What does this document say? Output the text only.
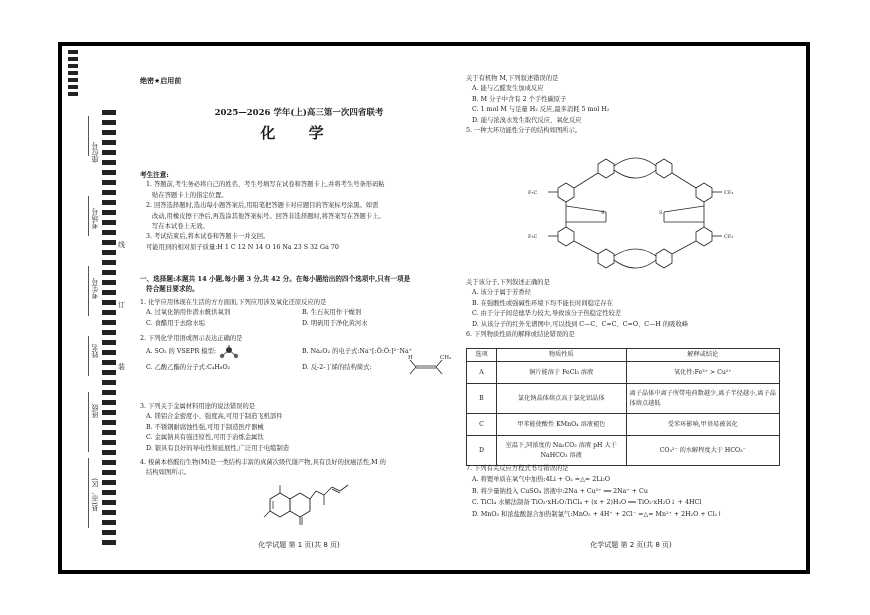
座位号
考场号
考生号
姓名
班级
县(市、区)
线
订
装
绝密★启用前
2025—2026 学年(上)高三第一次四省联考
化 学
考生注意:
1. 答题前,考生务必将自己的姓名、考生号填写在试卷和答题卡上,并将考生号条形码粘
贴在答题卡上的指定位置。
2. 回答选择题时,选出每小题答案后,用铅笔把答题卡对应题目的答案标号涂黑。如需
改动,用橡皮擦干净后,再选涂其他答案标号。回答非选择题时,将答案写在答题卡上。
写在本试卷上无效。
3. 考试结束后,将本试卷和答题卡一并交回。
可能用到的相对原子质量:H 1 C 12 N 14 O 16 Na 23 S 32 Ga 70
一、选择题:本题共 14 小题,每小题 3 分,共 42 分。在每小题给出的四个选项中,只有一项是
符合题目要求的。
1. 化学应用体现在生活的方方面面,下列应用涉及氧化还原反应的是
A. 过氧化钠用作潜水艇供氧剂	B. 生石灰用作干燥剂
C. 食醋用于去除水垢	D. 明矾用于净化黄河水
2. 下列化学用语或图示表达正确的是
A. SO₂ 的 VSEPR 模型:	B. Na₂O₂ 的电子式:Na⁺[:Ö:Ö:]²⁻Na⁺
C. 乙酸乙酯的分子式:C₄H₈O₂	D. 反-2-丁烯的结构简式:
CH₃
H
3. 下列关于金属材料用途的说法错误的是
A. 镁铝合金密度小、强度高,可用于制造飞机部件
B. 不锈钢耐腐蚀性强,可用于制造医疗器械
C. 金属钠具有强还原性,可用于冶炼金属钛
D. 银具有良好的导电性和延展性,广泛用于电缆制造
4. 梭菌本格醛衍生物(M)是一类结构丰富的真菌次级代谢产物,具有良好的抗癌活性,M 的
结构如图所示。
化学试题 第 1 页(共 8 页)
关于有机物 M,下列叙述错误的是
A. 能与乙醛发生加成反应
B. M 分子中含有 2 个手性碳原子
C. 1 mol M 与足量 H₂ 反应,最多消耗 5 mol H₂
D. 能与浓溴水发生取代反应、氧化反应
5. 一种大环功能性分子的结构如图所示。
F₃C
F₃C
CF₃
CF₃
S	S
关于该分子,下列叙述正确的是
A. 该分子属于芳香烃
B. 在强酸性或强碱性环境下均不能长时间稳定存在
C. 由于分子间范德华力较大,导致该分子热稳定性较差
D. 从该分子的红外光谱图中,可以找到 C—C、C=C、C=O、C—H 的吸收峰
6. 下列物质性质的解释或结论错误的是
选项	物质性质	解释或结论
A	铜片能溶于 FeCl₃ 溶液	氧化性:Fe³⁺ > Cu²⁺
B	氯化钠晶体熔点高于氯化铝晶体	离子晶体中离子所带电荷数越少,离子半径越小,离子晶体熔点越低
C	甲苯能使酸性 KMnO₄ 溶液褪色	受苯环影响,甲基易被氧化
D	室温下,同浓度的 Na₂CO₃ 溶液 pH 大于 NaHCO₃ 溶液	CO₃²⁻ 的水解程度大于 HCO₃⁻
7. 下列有关反应方程式书写错误的是
A. 将锂单质在氧气中加热:4Li + O₂ =△= 2Li₂O
B. 将少量钠投入 CuSO₄ 溶液中:2Na + Cu²⁺ ══ 2Na⁺ + Cu
C. TiCl₄ 水解法制备 TiO₂·xH₂O:TiCl₄ + (x + 2)H₂O ══ TiO₂·xH₂O↓ + 4HCl
D. MnO₂ 和浓盐酸混合加热制氯气:MnO₂ + 4H⁺ + 2Cl⁻ =△= Mn²⁺ + 2H₂O + Cl₂↑
化学试题 第 2 页(共 8 页)
